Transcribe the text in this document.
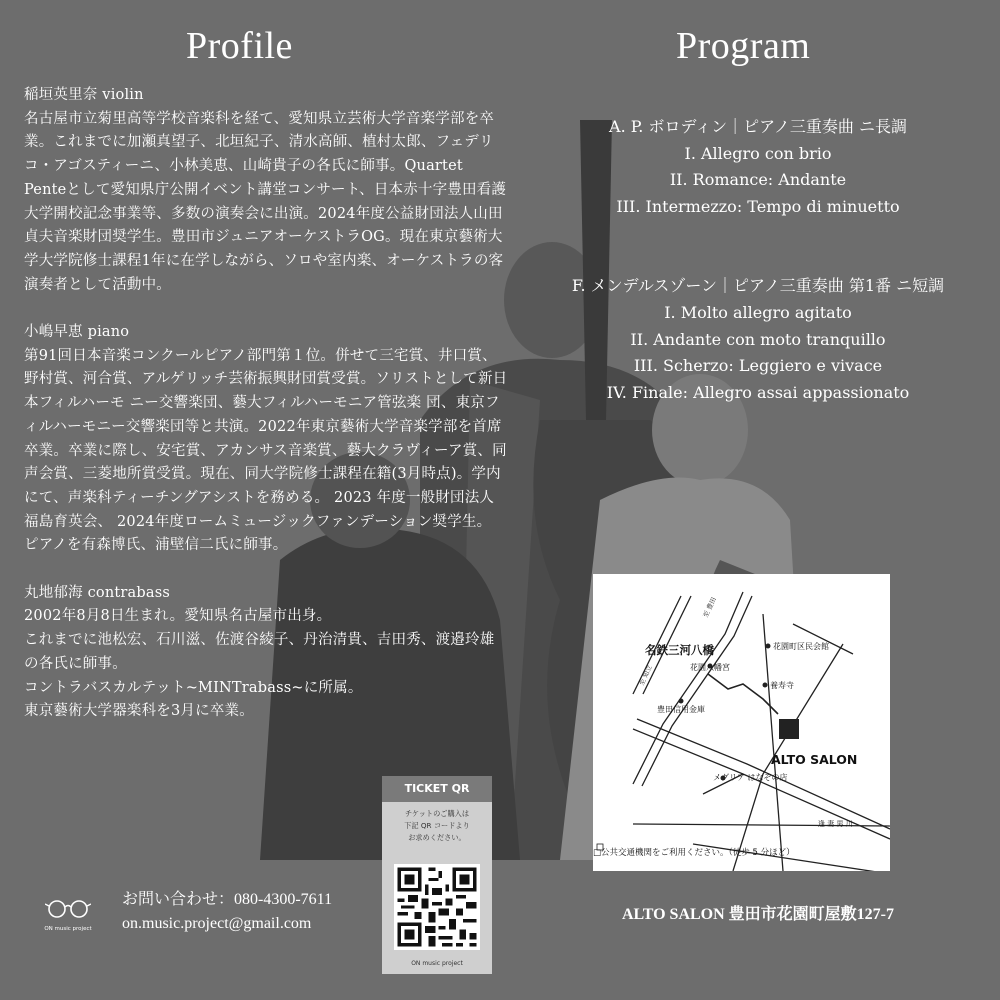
Profile	Program

稲垣英里奈 violin
名古屋市立菊里高等学校音楽科を経て、愛知県立芸術大学音楽学部を卒業。これまでに加瀬真望子、北垣紀子、清水高師、植村太郎、フェデリコ・アゴスティーニ、小林美恵、山崎貴子の各氏に師事。Quartet Penteとして愛知県庁公開イベント講堂コンサート、日本赤十字豊田看護大学開校記念事業等、多数の演奏会に出演。2024年度公益財団法人山田貞夫音楽財団奨学生。豊田市ジュニアオーケストラOG。現在東京藝術大学大学院修士課程1年に在学しながら、ソロや室内楽、オーケストラの客演奏者として活動中。

小嶋早恵 piano
第91回日本音楽コンクールピアノ部門第１位。併せて三宅賞、井口賞、野村賞、河合賞、アルゲリッチ芸術振興財団賞受賞。ソリストとして新日本フィルハーモ ニー交響楽団、藝大フィルハーモニア管弦楽 団、東京フィルハーモニー交響楽団等と共演。2022年東京藝術大学音楽学部を首席卒業。卒業に際し、安宅賞、アカンサス音楽賞、藝大クラヴィーア賞、同声会賞、三菱地所賞受賞。現在、同大学院修士課程在籍(3月時点)。学内にて、声楽科ティーチングアシストを務める。 2023 年度一般財団法人福島育英会、 2024年度ロームミュージックファンデーション奨学生。
ピアノを有森博氏、浦壁信二氏に師事。

丸地郁海 contrabass
2002年8月8日生まれ。愛知県名古屋市出身。
これまでに池松宏、石川滋、佐渡谷綾子、丹治清貴、吉田秀、渡邉玲雄の各氏に師事。
コントラバスカルテット~MINTrabass~に所属。
東京藝術大学器楽科を3月に卒業。

A. P. ボロディン｜ピアノ三重奏曲 ニ長調
I. Allegro con brio
II. Romance: Andante
III. Intermezzo: Tempo di minuetto
F. メンデルスゾーン｜ピアノ三重奏曲 第1番 ニ短調
I. Molto allegro agitato
II. Andante con moto tranquillo
III. Scherzo: Leggiero e vivace
IV. Finale: Allegro assai appassionato
名鉄三河八橋	花園町区民会館
花園八幡宮
養寿寺
豊田信用金庫
ALTO SALON
メグリア はなぞの店
逢 妻 男 川
至 豊田
至 知立
□公共交通機関をご利用ください。（徒歩 5 分ほど）
ALTO SALON 豊田市花園町屋敷127-7
ON music project
お問い合わせ：080-4300-7611
on.music.project@gmail.com
TICKET QR
チケットのご購入は
下記 QR コードより
お求めください。
ON music project
